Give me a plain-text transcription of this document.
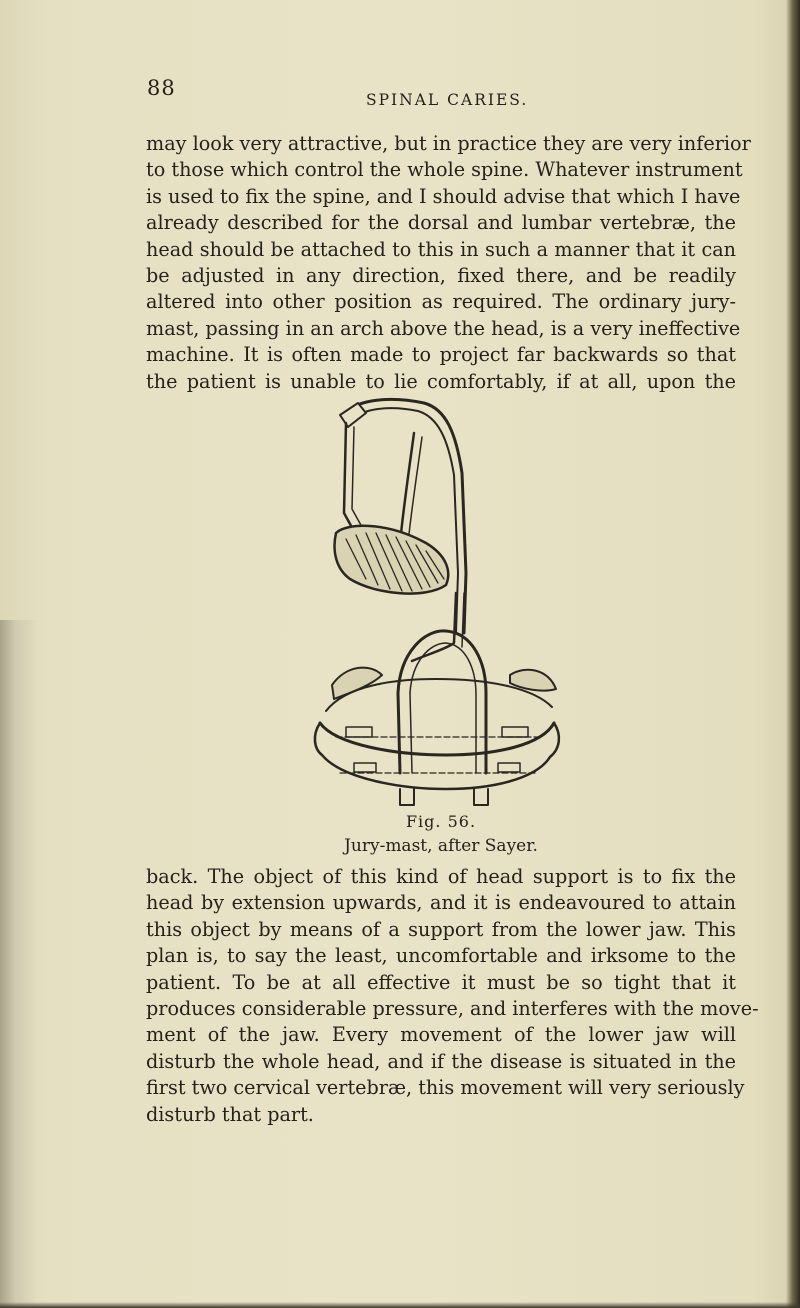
88	SPINAL CARIES.

may look very attractive, but in practice they are very inferior
to those which control the whole spine. Whatever instrument
is used to fix the spine, and I should advise that which I have
already described for the dorsal and lumbar vertebræ, the
head should be attached to this in such a manner that it can
be adjusted in any direction, fixed there, and be readily
altered into other position as required. The ordinary jury-
mast, passing in an arch above the head, is a very ineffective
machine. It is often made to project far backwards so that
the patient is unable to lie comfortably, if at all, upon the

Fig. 56.
Jury-mast, after Sayer.

back. The object of this kind of head support is to fix the
head by extension upwards, and it is endeavoured to attain
this object by means of a support from the lower jaw. This
plan is, to say the least, uncomfortable and irksome to the
patient. To be at all effective it must be so tight that it
produces considerable pressure, and interferes with the move-
ment of the jaw. Every movement of the lower jaw will
disturb the whole head, and if the disease is situated in the
first two cervical vertebræ, this movement will very seriously
disturb that part.
